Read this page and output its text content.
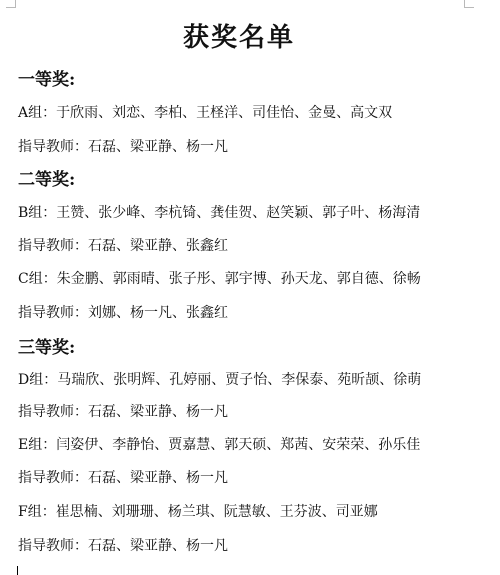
获奖名单
一等奖:
A组：于欣雨、刘恋、李柏、王柽洋、司佳怡、金曼、高文双
指导教师：石磊、梁亚静、杨一凡
二等奖:
B组：王赞、张少峰、李杭锜、龚佳贺、赵笑颖、郭子叶、杨海清
指导教师：石磊、梁亚静、张鑫红
C组：朱金鹏、郭雨晴、张子彤、郭宇博、孙天龙、郭自德、徐畅
指导教师：刘娜、杨一凡、张鑫红
三等奖:
D组：马瑞欣、张明辉、孔婷丽、贾子怡、李保泰、苑昕颉、徐萌
指导教师：石磊、梁亚静、杨一凡
E组：闫姿伊、李静怡、贾嘉慧、郭天硕、郑茜、安荣荣、孙乐佳
指导教师：石磊、梁亚静、杨一凡
F组：崔思楠、刘珊珊、杨兰琪、阮慧敏、王芬波、司亚娜
指导教师：石磊、梁亚静、杨一凡
